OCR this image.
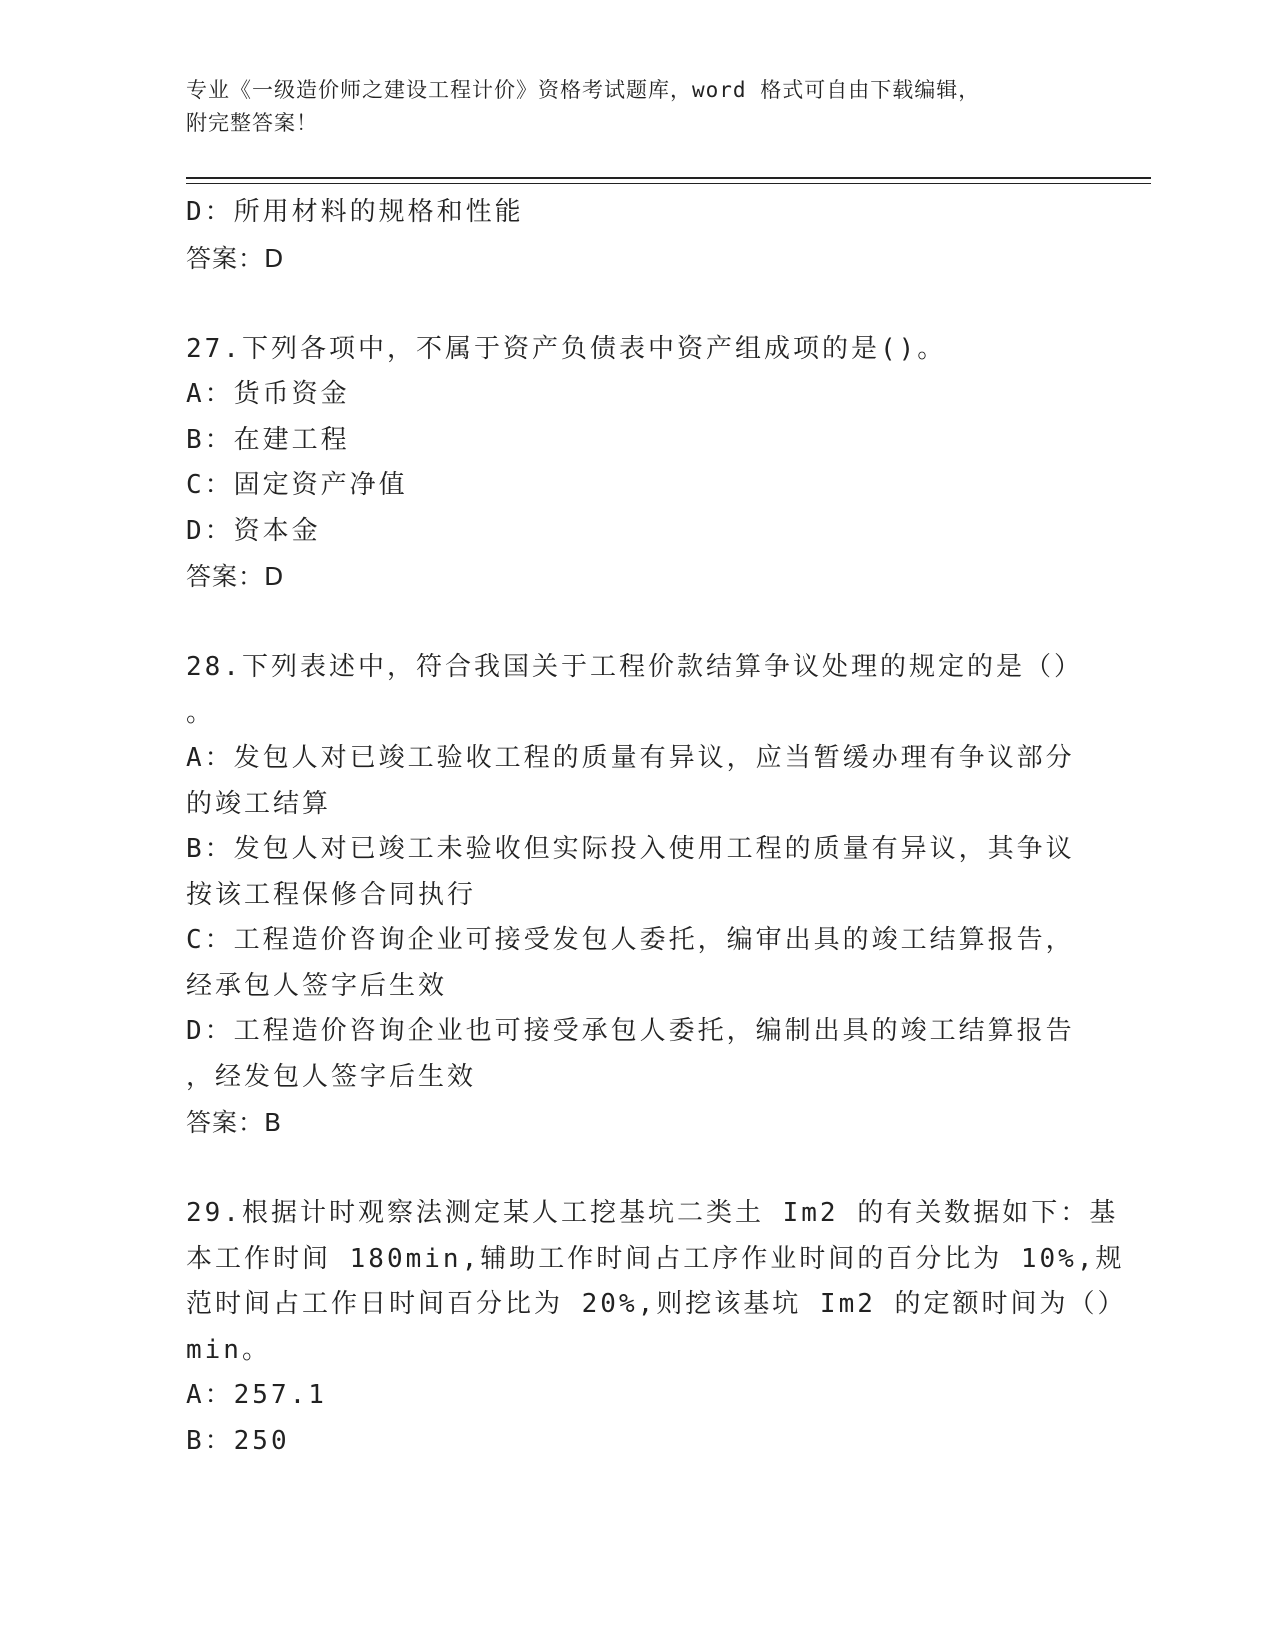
专业《一级造价师之建设工程计价》资格考试题库，word 格式可自由下载编辑，
附完整答案！
D：所用材料的规格和性能
答案：D
27.下列各项中，不属于资产负债表中资产组成项的是()。
A：货币资金
B：在建工程
C：固定资产净值
D：资本金
答案：D
28.下列表述中，符合我国关于工程价款结算争议处理的规定的是（）
。
A：发包人对已竣工验收工程的质量有异议，应当暂缓办理有争议部分
的竣工结算
B：发包人对已竣工未验收但实际投入使用工程的质量有异议，其争议
按该工程保修合同执行
C：工程造价咨询企业可接受发包人委托，编审出具的竣工结算报告，
经承包人签字后生效
D：工程造价咨询企业也可接受承包人委托，编制出具的竣工结算报告
，经发包人签字后生效
答案：B
29.根据计时观察法测定某人工挖基坑二类土 Im2 的有关数据如下：基
本工作时间 180min,辅助工作时间占工序作业时间的百分比为 10%,规
范时间占工作日时间百分比为 20%,则挖该基坑 Im2 的定额时间为（）
min。
A：257.1
B：250
